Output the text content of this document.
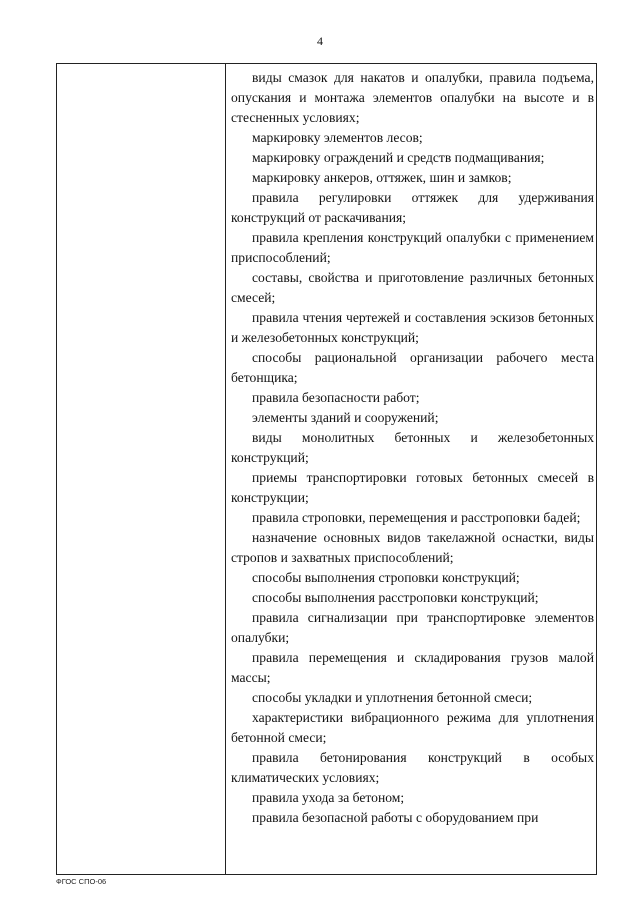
4

виды смазок для накатов и опалубки, правила подъема, опускания и монтажа элементов опалубки на высоте и в стесненных условиях;

маркировку элементов лесов;

маркировку ограждений и средств подмащивания;

маркировку анкеров, оттяжек, шин и замков;

правила регулировки оттяжек для удерживания конструкций от раскачивания;

правила крепления конструкций опалубки с применением приспособлений;

составы, свойства и приготовление различных бетонных смесей;

правила чтения чертежей и составления эскизов бетонных и железобетонных конструкций;

способы рациональной организации рабочего места бетонщика;

правила безопасности работ;

элементы зданий и сооружений;

виды монолитных бетонных и железобетонных конструкций;

приемы транспортировки готовых бетонных смесей в конструкции;

правила строповки, перемещения и расстроповки бадей;

назначение основных видов такелажной оснастки, виды стропов и захватных приспособлений;

способы выполнения строповки конструкций;

способы выполнения расстроповки конструкций;

правила сигнализации при транспортировке элементов опалубки;

правила перемещения и складирования грузов малой массы;

способы укладки и уплотнения бетонной смеси;

характеристики вибрационного режима для уплотнения бетонной смеси;

правила бетонирования конструкций в особых климатических условиях;

правила ухода за бетоном;

правила безопасной работы с оборудованием при

ФГОС СПО-06
